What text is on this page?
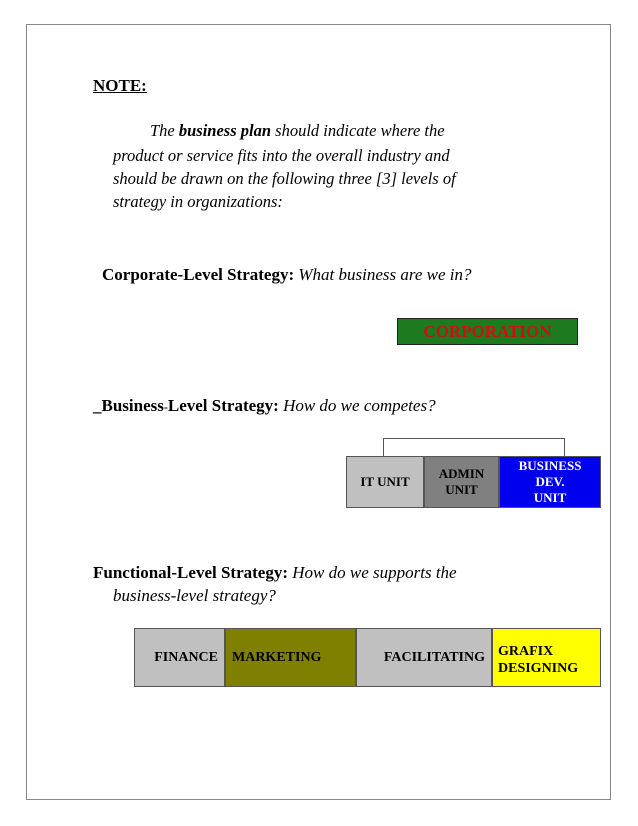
NOTE:
The business plan should indicate where the
product or service fits into the overall industry and
should be drawn on the following three [3] levels of
strategy in organizations:
Corporate-Level Strategy: What business are we in?
CORPORATION
_Business-Level Strategy: How do we competes?
IT UNIT
ADMIN UNIT
BUSINESS DEV. UNIT
Functional-Level Strategy: How do we supports the
business-level strategy?
FINANCE	MARKETING	FACILITATING GRAFIX DESIGNING
